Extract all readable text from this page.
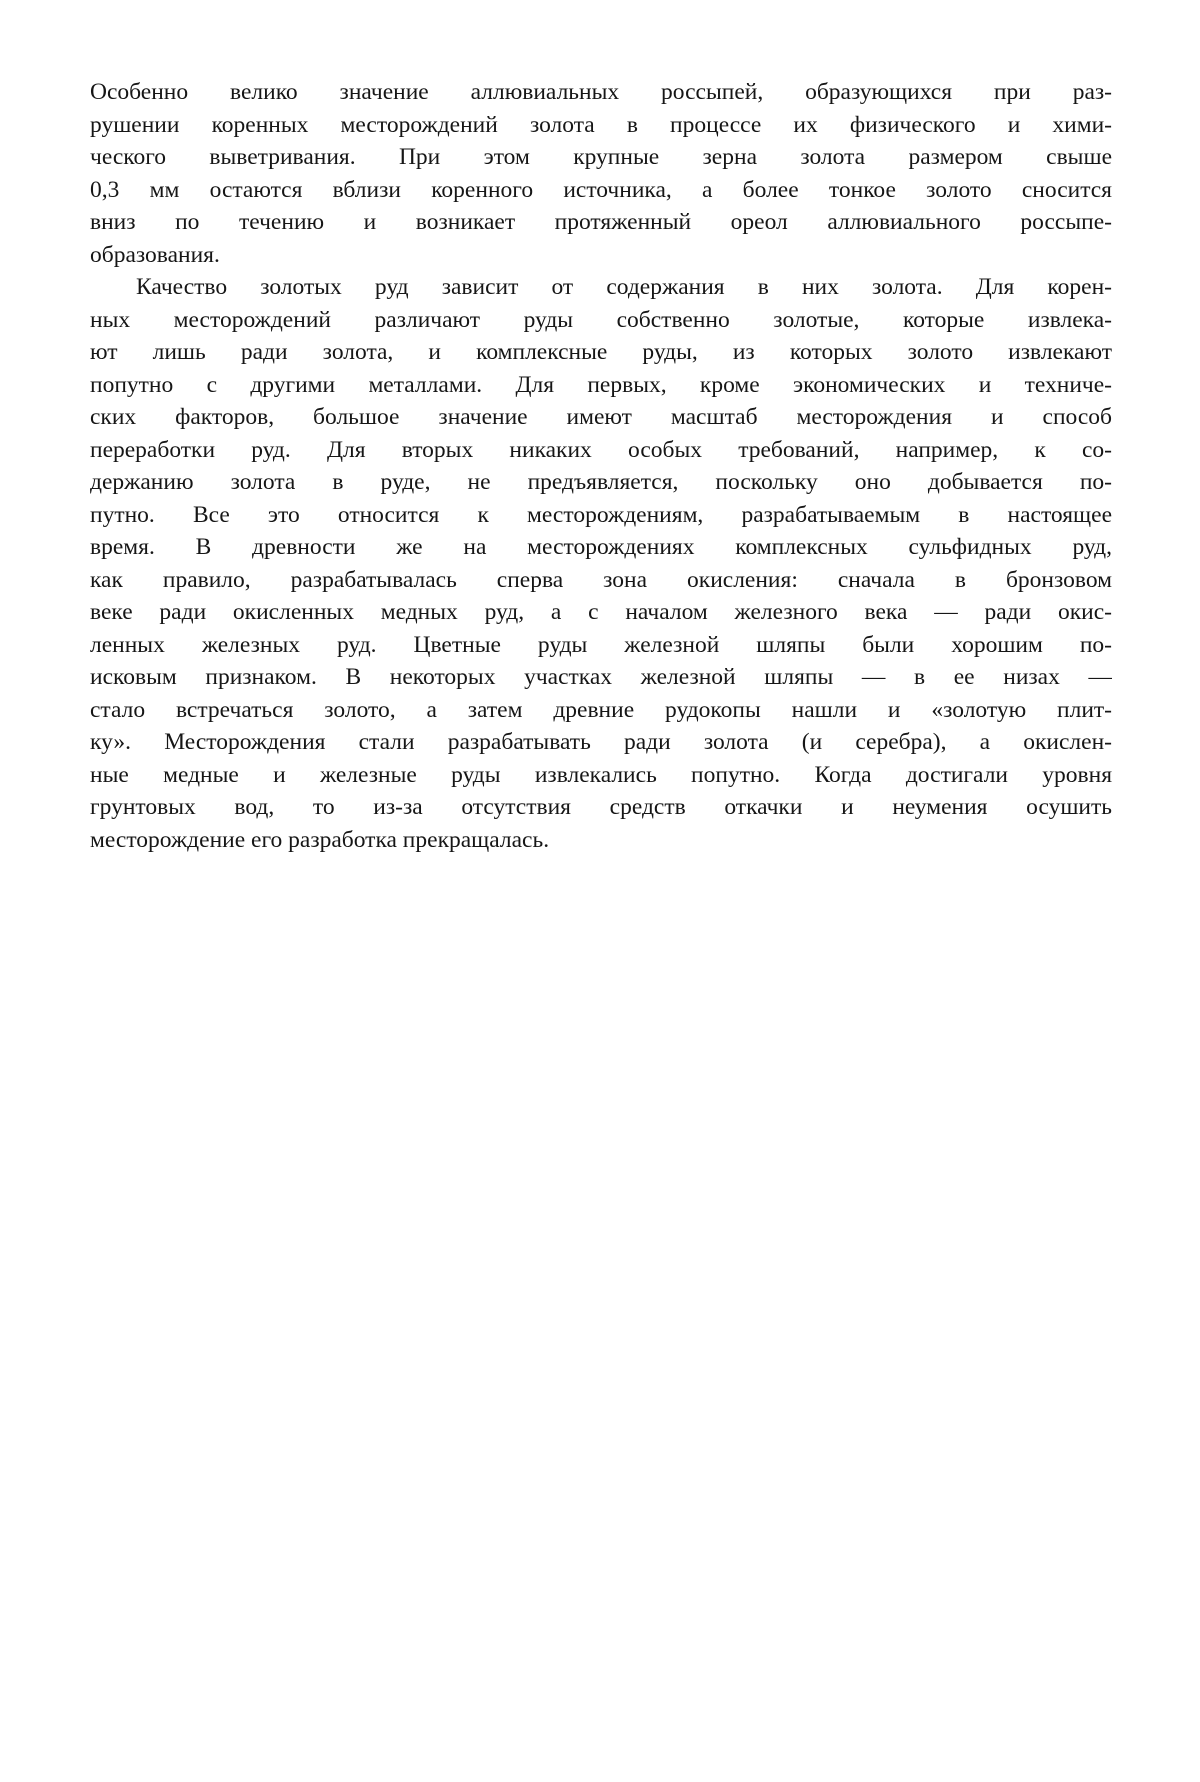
Особенно велико значение аллювиальных россыпей, образующихся при раз-
рушении коренных месторождений золота в процессе их физического и хими-
ческого выветривания. При этом крупные зерна золота размером свыше
0,3 мм остаются вблизи коренного источника, а более тонкое золото сносится
вниз по течению и возникает протяженный ореол аллювиального россыпе-
образования.
Качество золотых руд зависит от содержания в них золота. Для корен-
ных месторождений различают руды собственно золотые, которые извлека-
ют лишь ради золота, и комплексные руды, из которых золото извлекают
попутно с другими металлами. Для первых, кроме экономических и техниче-
ских факторов, большое значение имеют масштаб месторождения и способ
переработки руд. Для вторых никаких особых требований, например, к со-
держанию золота в руде, не предъявляется, поскольку оно добывается по-
путно. Все это относится к месторождениям, разрабатываемым в настоящее
время. В древности же на месторождениях комплексных сульфидных руд,
как правило, разрабатывалась сперва зона окисления: сначала в бронзовом
веке ради окисленных медных руд, а с началом железного века — ради окис-
ленных железных руд. Цветные руды железной шляпы были хорошим по-
исковым признаком. В некоторых участках железной шляпы — в ее низах —
стало встречаться золото, а затем древние рудокопы нашли и «золотую плит-
ку». Месторождения стали разрабатывать ради золота (и серебра), а окислен-
ные медные и железные руды извлекались попутно. Когда достигали уровня
грунтовых вод, то из-за отсутствия средств откачки и неумения осушить
месторождение его разработка прекращалась.
